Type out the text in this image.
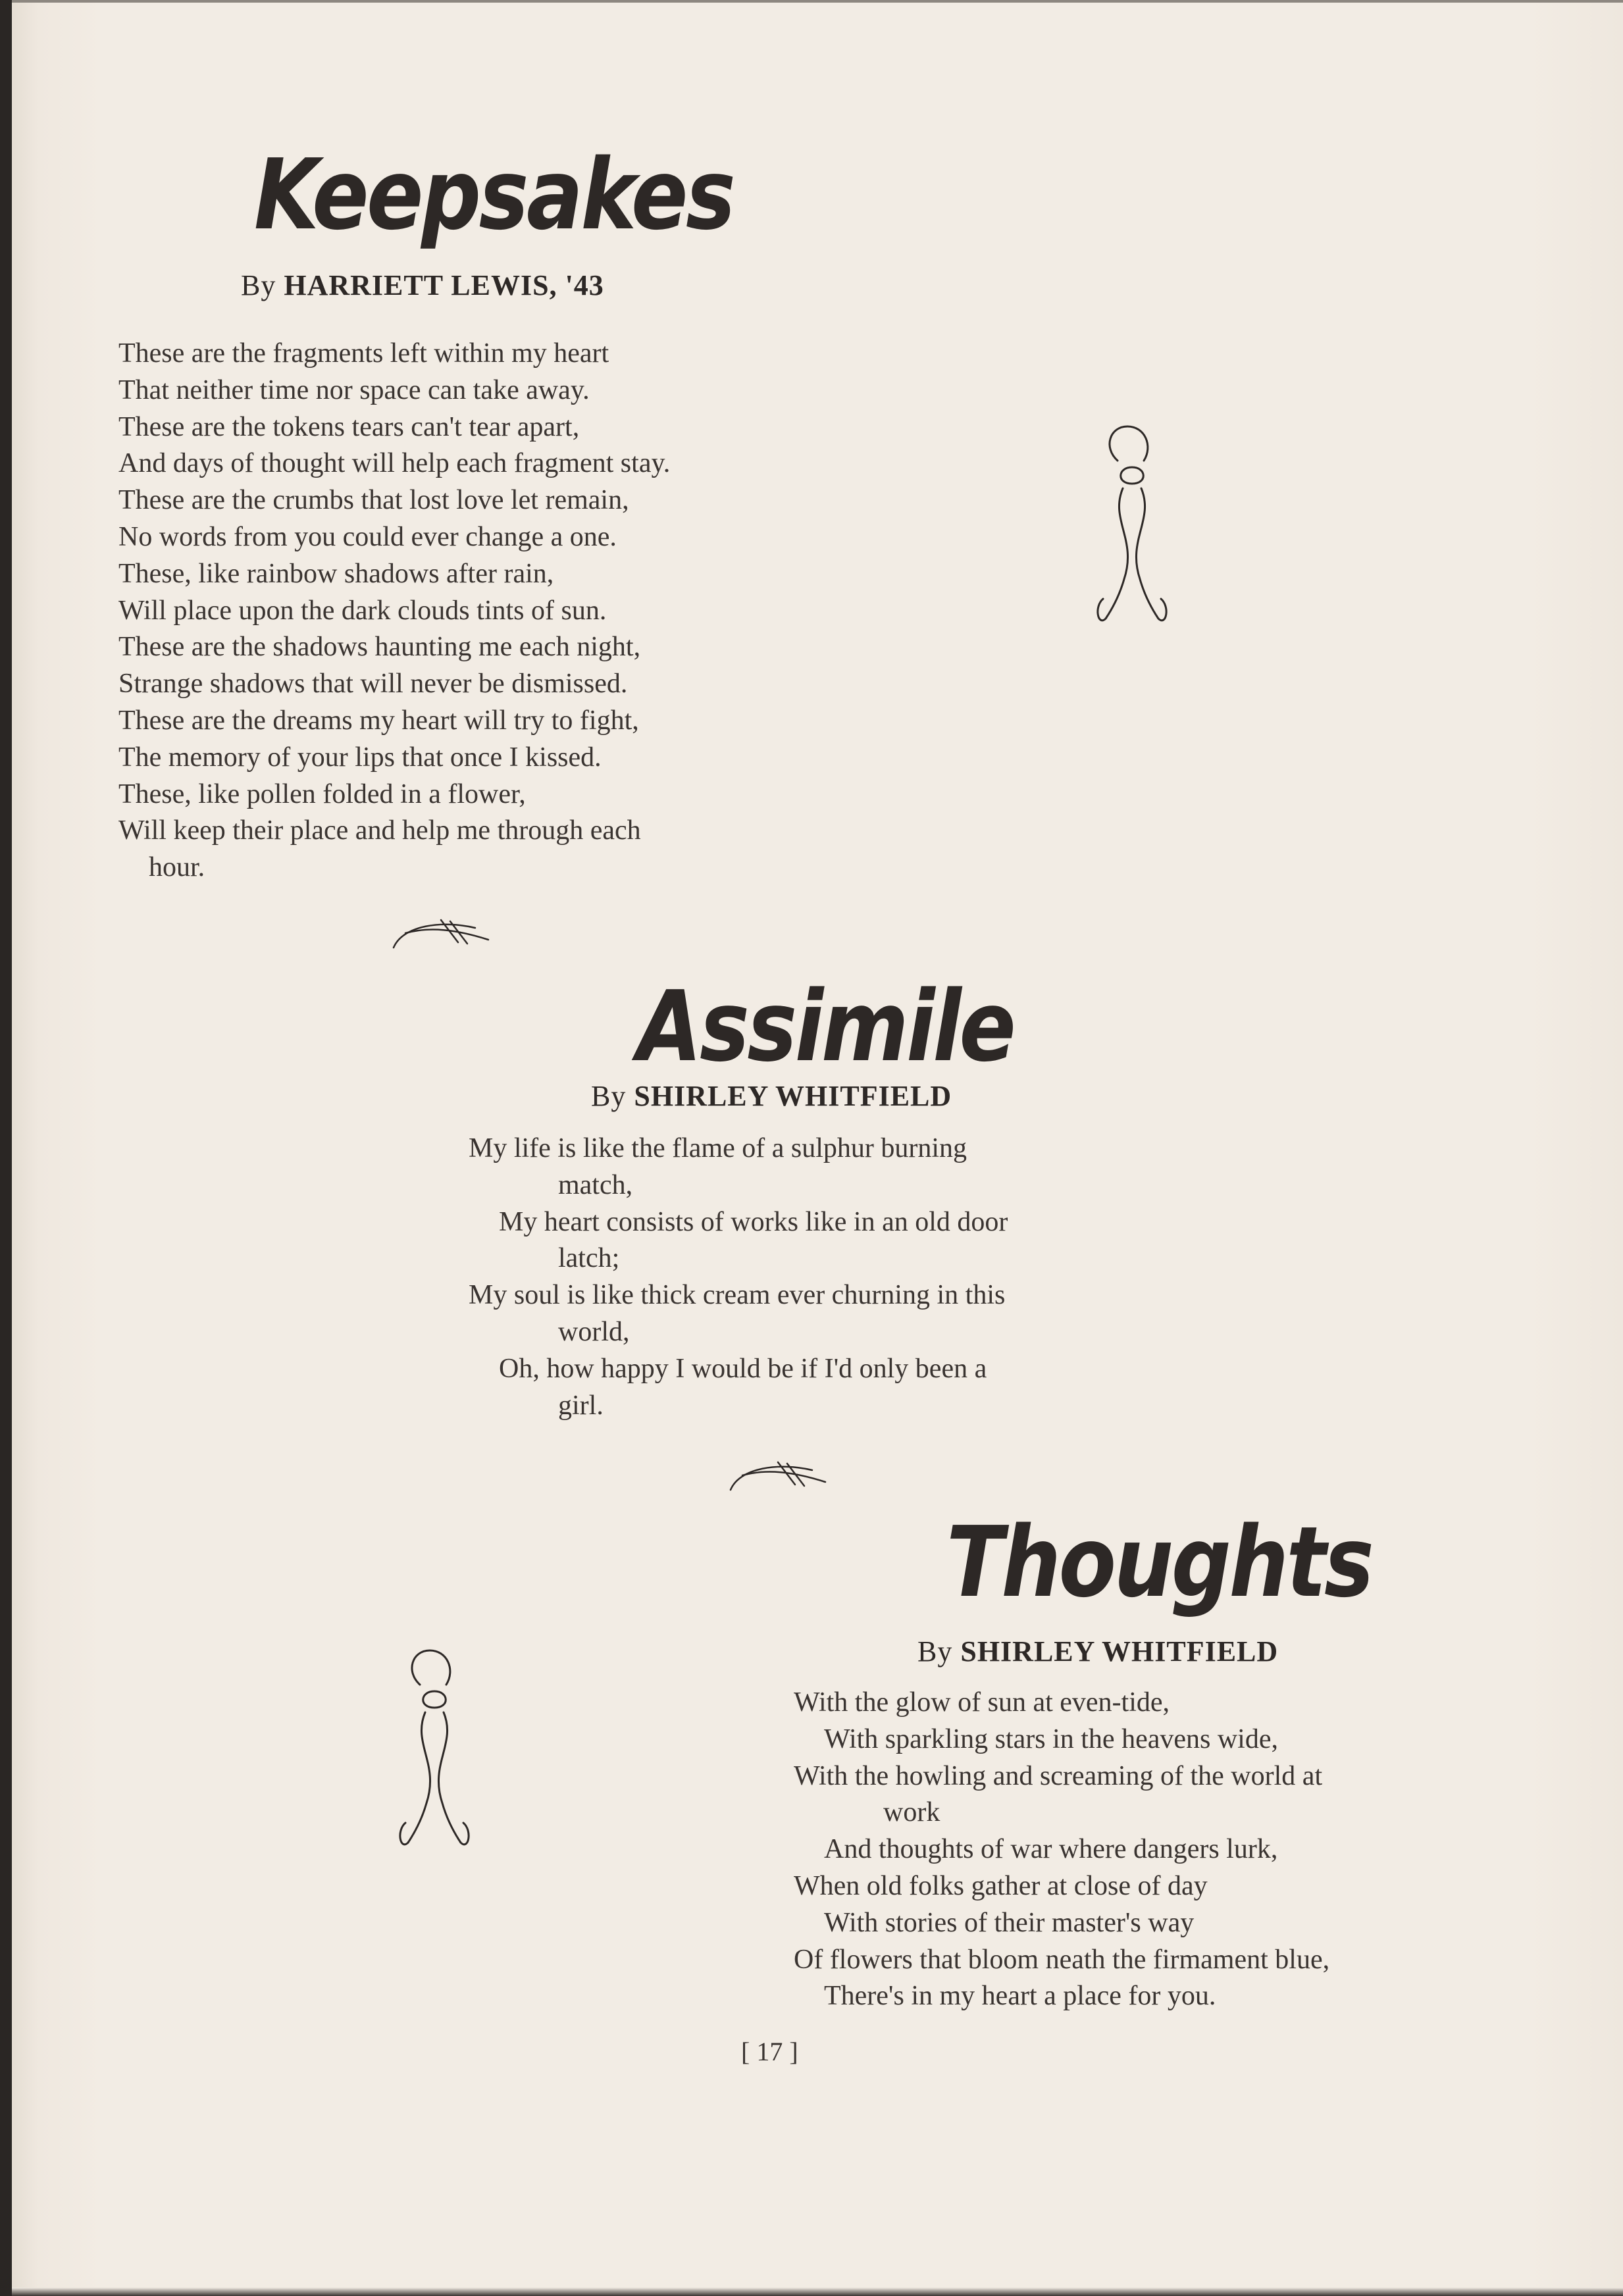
Keepsakes
By HARRIETT LEWIS, '43
These are the fragments left within my heart
That neither time nor space can take away.
These are the tokens tears can't tear apart,
And days of thought will help each fragment stay.
These are the crumbs that lost love let remain,
No words from you could ever change a one.
These, like rainbow shadows after rain,
Will place upon the dark clouds tints of sun.
These are the shadows haunting me each night,
Strange shadows that will never be dismissed.
These are the dreams my heart will try to fight,
The memory of your lips that once I kissed.
These, like pollen folded in a flower,
Will keep their place and help me through each
hour.
Assimile
By SHIRLEY WHITFIELD
My life is like the flame of a sulphur burning
match,
My heart consists of works like in an old door
latch;
My soul is like thick cream ever churning in this
world,
Oh, how happy I would be if I'd only been a
girl.
Thoughts
By SHIRLEY WHITFIELD
With the glow of sun at even-tide,
With sparkling stars in the heavens wide,
With the howling and screaming of the world at
work
And thoughts of war where dangers lurk,
When old folks gather at close of day
With stories of their master's way
Of flowers that bloom neath the firmament blue,
There's in my heart a place for you.
[ 17 ]
